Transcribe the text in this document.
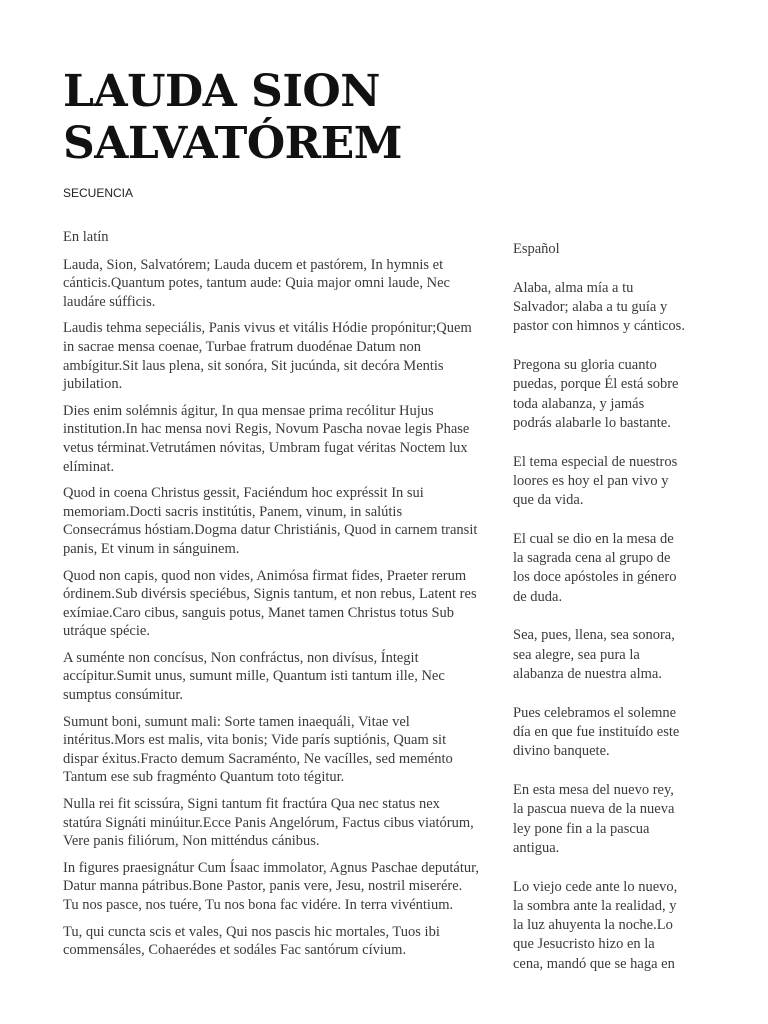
LAUDA SION SALVATÓREM
SECUENCIA

En latín

Lauda, Sion, Salvatórem; Lauda ducem et pastórem, In hymnis et cánticis.Quantum potes, tantum aude: Quia major omni laude, Nec laudáre súfficis.

Laudis tehma sepeciális, Panis vivus et vitális Hódie propónitur;Quem in sacrae mensa coenae, Turbae fratrum duodénae Datum non ambígitur.Sit laus plena, sit sonóra, Sit jucúnda, sit decóra Mentis jubilation.

Dies enim solémnis ágitur, In qua mensae prima recólitur Hujus institution.In hac mensa novi Regis, Novum Pascha novae legis Phase vetus términat.Vetrutámen nóvitas, Umbram fugat véritas Noctem lux elíminat.

Quod in coena Christus gessit, Faciéndum hoc expréssit In sui memoriam.Docti sacris institútis, Panem, vinum, in salútis Consecrámus hóstiam.Dogma datur Christiánis, Quod in carnem transit panis, Et vinum in sánguinem.

Quod non capis, quod non vides, Animósa firmat fides, Praeter rerum órdinem.Sub divérsis speciébus, Signis tantum, et non rebus, Latent res exímiae.Caro cibus, sanguis potus, Manet tamen Christus totus Sub utráque spécie.

A suménte non concísus, Non confráctus, non divísus, Íntegit accípitur.Sumit unus, sumunt mille, Quantum isti tantum ille, Nec sumptus consúmitur.

Sumunt boni, sumunt mali: Sorte tamen inaequáli, Vitae vel intéritus.Mors est malis, vita bonis; Vide parís suptiónis, Quam sit dispar éxitus.Fracto demum Sacraménto, Ne vacílles, sed meménto Tantum ese sub fragménto Quantum toto tégitur.

Nulla rei fit scissúra, Signi tantum fit fractúra Qua nec status nex statúra Signáti minúitur.Ecce Panis Angelórum, Factus cibus viatórum, Vere panis filiórum, Non mitténdus cánibus.

In figures praesignátur Cum Ísaac immolator, Agnus Paschae deputátur, Datur manna pátribus.Bone Pastor, panis vere, Jesu, nostril miserére. Tu nos pasce, nos tuére, Tu nos bona fac vidére. In terra vivéntium.

Tu, qui cuncta scis et vales, Qui nos pascis hic mortales, Tuos ibi commensáles, Cohaerédes et sodáles Fac santórum cívium.

Español

Alaba, alma mía a tu Salvador; alaba a tu guía y pastor con himnos y cánticos.

Pregona su gloria cuanto puedas, porque Él está sobre toda alabanza, y jamás podrás alabarle lo bastante.

El tema especial de nuestros loores es hoy el pan vivo y que da vida.

El cual se dio en la mesa de la sagrada cena al grupo de los doce apóstoles in género de duda.

Sea, pues, llena, sea sonora, sea alegre, sea pura la alabanza de nuestra alma.

Pues celebramos el solemne día en que fue instituído este divino banquete.

En esta mesa del nuevo rey, la pascua nueva de la nueva ley pone fin a la pascua antigua.

Lo viejo cede ante lo nuevo, la sombra ante la realidad, y la luz ahuyenta la noche.Lo que Jesucristo hizo en la cena, mandó que se haga en
